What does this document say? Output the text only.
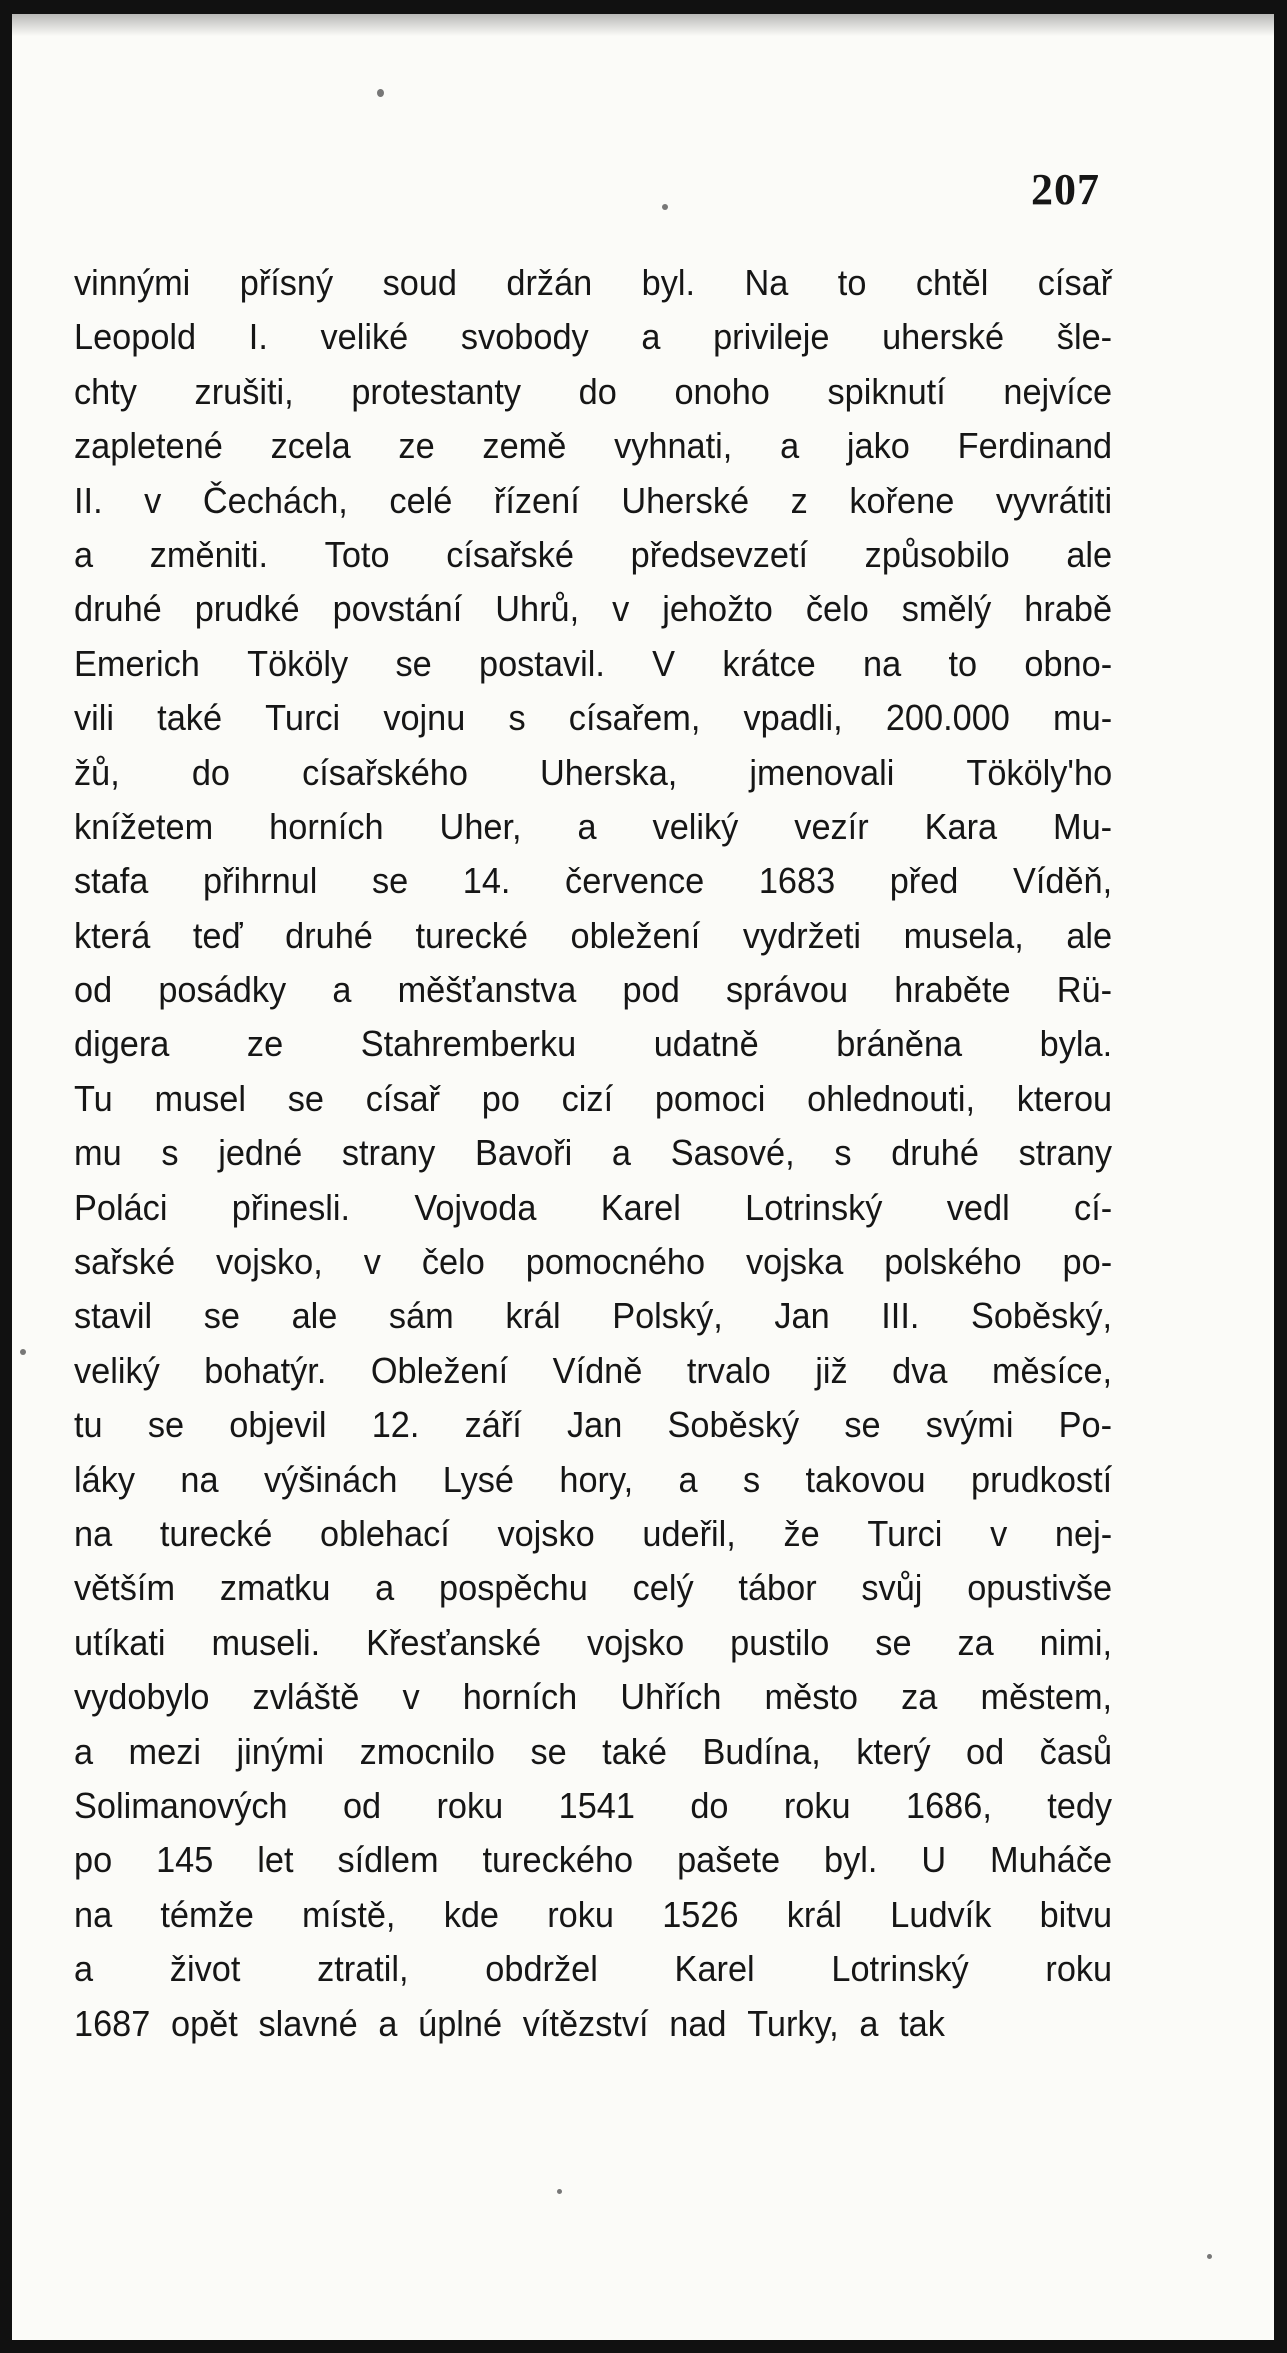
207
vinnými přísný soud držán byl. Na to chtěl císař
Leopold I. veliké svobody a privileje uherské šle-
chty zrušiti, protestanty do onoho spiknutí nejvíce
zapletené zcela ze země vyhnati, a jako Ferdinand
II. v Čechách, celé řízení Uherské z kořene vyvrátiti
a změniti. Toto císařské předsevzetí způsobilo ale
druhé prudké povstání Uhrů, v jehožto čelo smělý hrabě
Emerich Tököly se postavil. V krátce na to obno-
vili také Turci vojnu s císařem, vpadli, 200.000 mu-
žů, do císařského Uherska, jmenovali Tököly'ho
knížetem horních Uher, a veliký vezír Kara Mu-
stafa přihrnul se 14. července 1683 před Víděň,
která teď druhé turecké obležení vydržeti musela, ale
od posádky a měšťanstva pod správou hraběte Rü-
digera ze Stahremberku udatně bráněna byla.
Tu musel se císař po cizí pomoci ohlednouti, kterou
mu s jedné strany Bavoři a Sasové, s druhé strany
Poláci přinesli. Vojvoda Karel Lotrinský vedl cí-
sařské vojsko, v čelo pomocného vojska polského po-
stavil se ale sám král Polský, Jan III. Soběský,
veliký bohatýr. Obležení Vídně trvalo již dva měsíce,
tu se objevil 12. září Jan Soběský se svými Po-
láky na výšinách Lysé hory, a s takovou prudkostí
na turecké oblehací vojsko udeřil, že Turci v nej-
větším zmatku a pospěchu celý tábor svůj opustivše
utíkati museli. Křesťanské vojsko pustilo se za nimi,
vydobylo zvláště v horních Uhřích město za městem,
a mezi jinými zmocnilo se také Budína, který od časů
Solimanových od roku 1541 do roku 1686, tedy
po 145 let sídlem tureckého pašete byl. U Muháče
na témže místě, kde roku 1526 král Ludvík bitvu
a život ztratil, obdržel Karel Lotrinský roku
1687 opět slavné a úplné vítězství nad Turky, a tak
